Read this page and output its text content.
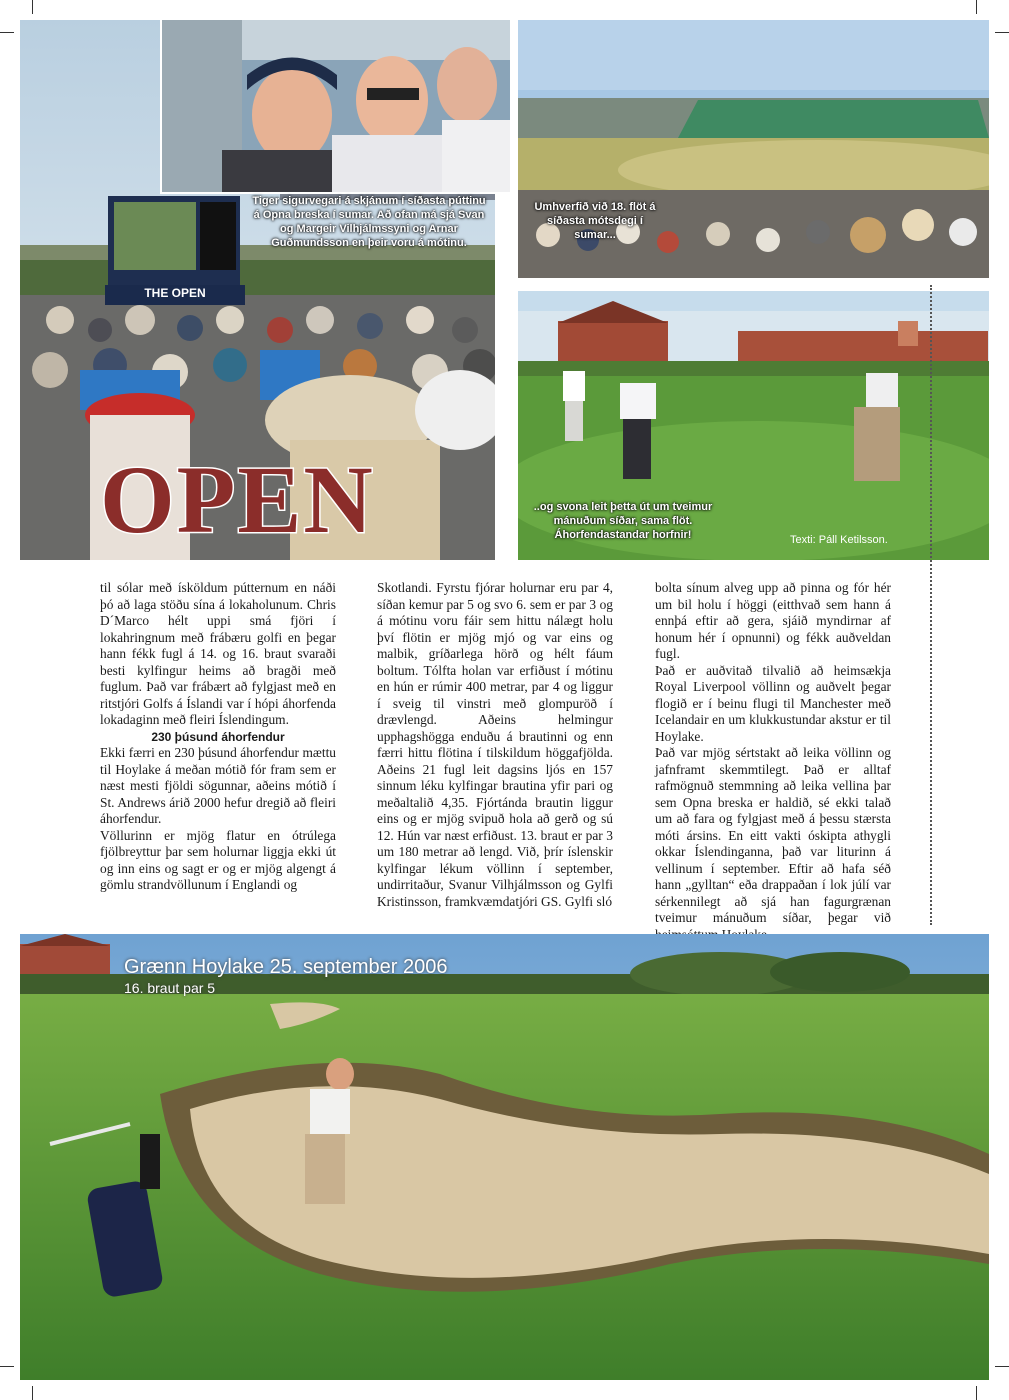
THE OPEN
OPEN
Tiger sigurvegari á skjánum í síðasta púttinu á Opna breska í sumar. Að ofan má sjá Svan og Margeir Vilhjálmssyni og Arnar Guðmundsson en þeir voru á mótinu.
Umhverfið við 18. flöt á síðasta mótsdegi í sumar...
..og svona leit þetta út um tveimur mánuðum síðar, sama flöt. Áhorfendastandar horfnir!	Texti: Páll Ketilsson.

til sólar með ísköldum pútternum en náði þó að laga stöðu sína á lokaholunum. Chris D´Marco hélt uppi smá fjöri í lokahringnum með frábæru golfi en þegar hann fékk fugl á 14. og 16. braut svaraði besti kylfingur heims að bragði með fuglum. Það var frábært að fylgjast með en ritstjóri Golfs á Íslandi var í hópi áhorfenda lokadaginn með fleiri Íslendingum.

230 þúsund áhorfendur

Ekki færri en 230 þúsund áhorfendur mættu til Hoylake á meðan mótið fór fram sem er næst mesti fjöldi sögunnar, aðeins mótið í St. Andrews árið 2000 hefur dregið að fleiri áhorfendur.

Völlurinn er mjög flatur en ótrúlega fjölbreyttur þar sem holurnar liggja ekki út og inn eins og sagt er og er mjög algengt á gömlu strandvöllunum í Englandi og

Skotlandi. Fyrstu fjórar holurnar eru par 4, síðan kemur par 5 og svo 6. sem er par 3 og á mótinu voru fáir sem hittu nálægt holu því flötin er mjög mjó og var eins og malbik, gríðarlega hörð og hélt fáum boltum. Tólfta holan var erfiðust í mótinu en hún er rúmir 400 metrar, par 4 og liggur í sveig til vinstri með glompuröð í drævlengd. Aðeins helmingur upphagshögga enduðu á brautinni og enn færri hittu flötina í tilskildum höggafjölda. Aðeins 21 fugl leit dagsins ljós en 157 sinnum léku kylfingar brautina yfir pari og meðaltalið 4,35. Fjórtánda brautin liggur eins og er mjög svipuð hola að gerð og sú 12. Hún var næst erfiðust. 13. braut er par 3 um 180 metrar að lengd. Við, þrír íslenskir kylfingar lékum völlinn í september, undirritaður, Svanur Vilhjálmsson og Gylfi Kristinsson, framkvæmdatjóri GS. Gylfi sló

bolta sínum alveg upp að pinna og fór hér um bil holu í höggi (eitthvað sem hann á ennþá eftir að gera, sjáið myndirnar af honum hér í opnunni) og fékk auðveldan fugl.

Það er auðvitað tilvalið að heimsækja Royal Liverpool völlinn og auðvelt þegar flogið er í beinu flugi til Manchester með Icelandair en um klukkustundar akstur er til Hoylake.

Það var mjög sértstakt að leika völlinn og jafnframt skemmtilegt. Það er alltaf rafmögnuð stemmning að leika vellina þar sem Opna breska er haldið, sé ekki talað um að fara og fylgjast með á þessu stærsta móti ársins. En eitt vakti óskipta athygli okkar Íslendinganna, það var liturinn á vellinum í september. Eftir að hafa séð hann „gylltan“ eða drappaðan í lok júlí var sérkennilegt að sjá han fagurgrænan tveimur mánuðum síðar, þegar við

Grænn Hoylake 25. september 2006
16. braut par 5
